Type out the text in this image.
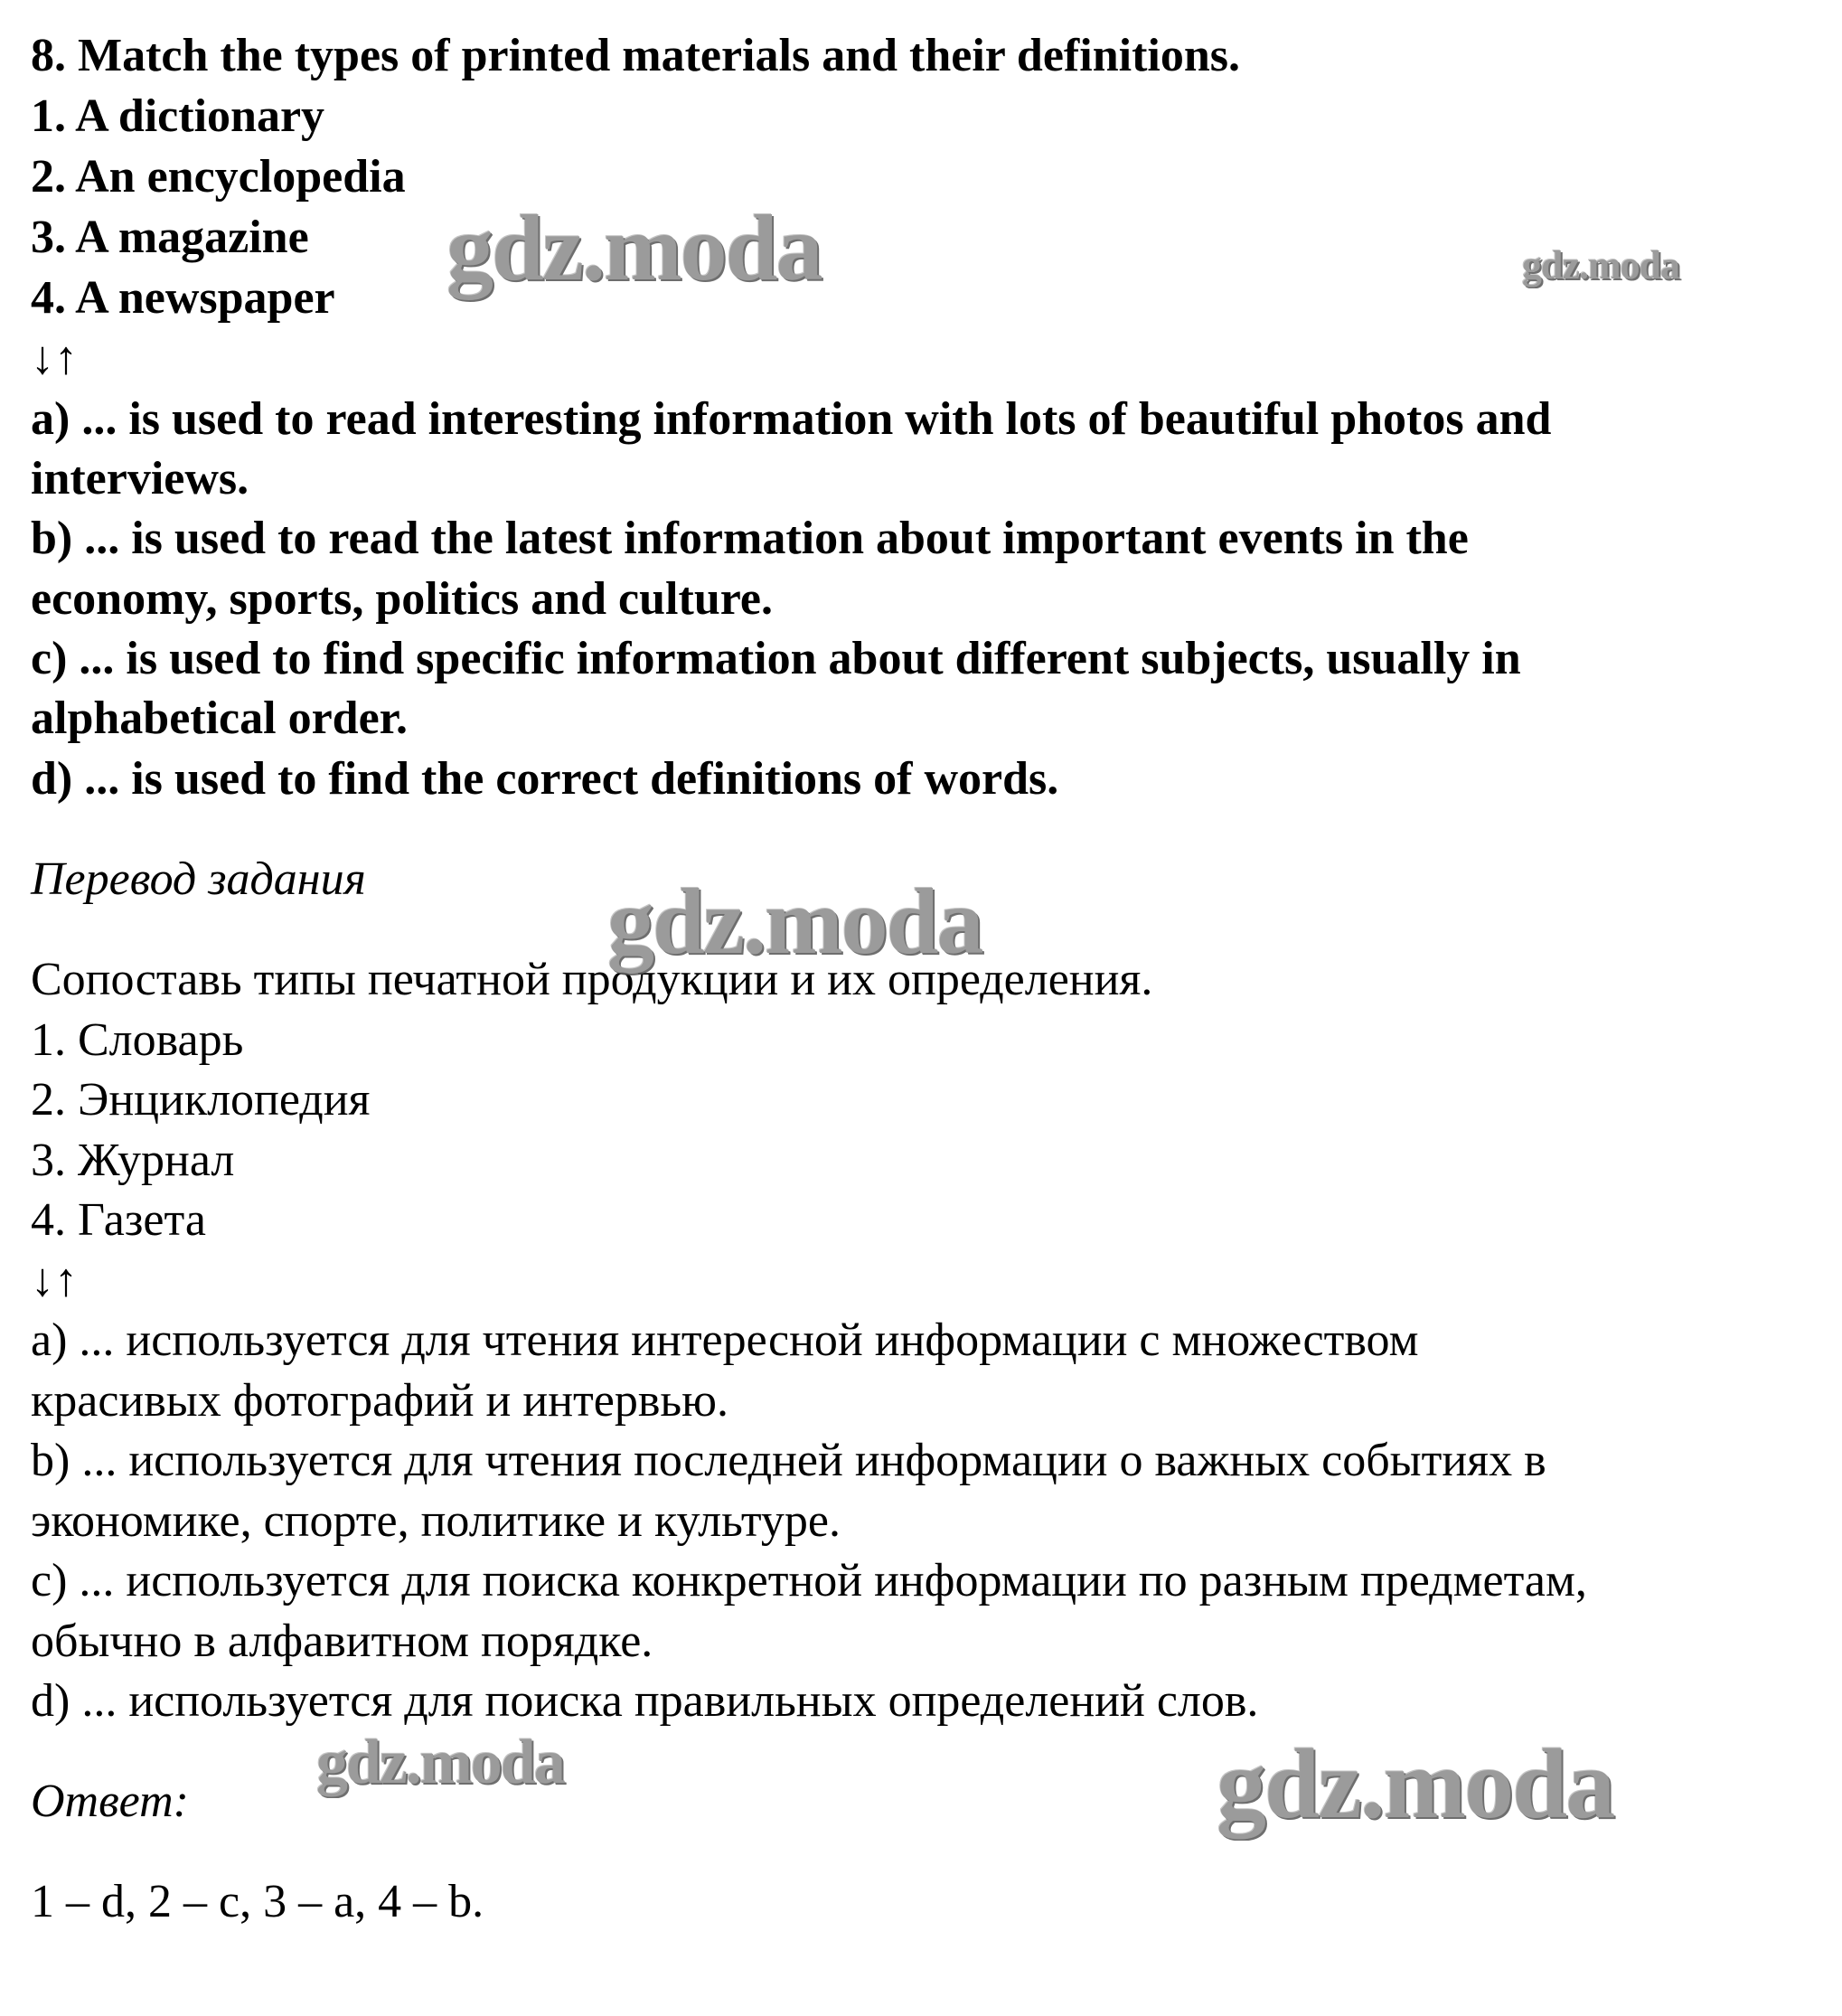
8. Match the types of printed materials and their definitions.
1. A dictionary
2. An encyclopedia
3. A magazine
4. A newspaper
↓↑
a) ... is used to read interesting information with lots of beautiful photos and
interviews.
b) ... is used to read the latest information about important events in the
economy, sports, politics and culture.
c) ... is used to find specific information about different subjects, usually in
alphabetical order.
d) ... is used to find the correct definitions of words.
Перевод задания
Сопоставь типы печатной продукции и их определения.
1. Словарь
2. Энциклопедия
3. Журнал
4. Газета
↓↑
a) ... используется для чтения интересной информации с множеством
красивых фотографий и интервью.
b) ... используется для чтения последней информации о важных событиях в
экономике, спорте, политике и культуре.
c) ... используется для поиска конкретной информации по разным предметам,
обычно в алфавитном порядке.
d) ... используется для поиска правильных определений слов.
Ответ:
1 – d, 2 – c, 3 – a, 4 – b.
gdz.moda	gdz.moda
gdz.moda
gdz.moda	gdz.moda
